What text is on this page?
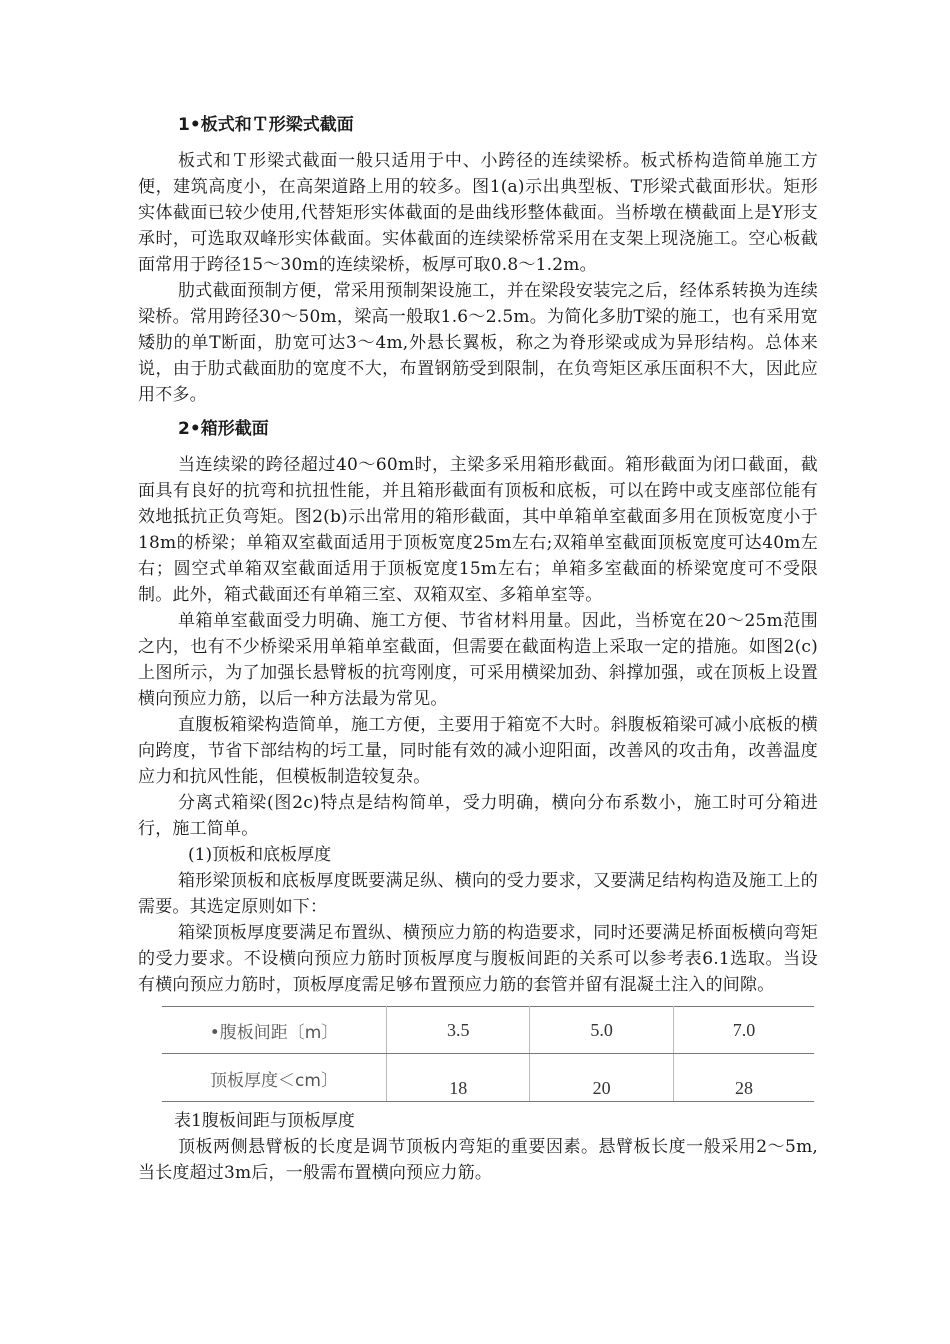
1•板式和Ｔ形梁式截面

板式和Ｔ形梁式截面一般只适用于中、小跨径的连续梁桥。板式桥构造简单施工方便，建筑高度小，在高架道路上用的较多。图1(a)示出典型板、T形梁式截面形状。矩形实体截面已较少使用,代替矩形实体截面的是曲线形整体截面。当桥墩在横截面上是Y形支承时，可选取双峰形实体截面。实体截面的连续梁桥常采用在支架上现浇施工。空心板截面常用于跨径15〜30m的连续梁桥，板厚可取0.8〜1.2m。

肋式截面预制方便，常采用预制架设施工，并在梁段安装完之后，经体系转换为连续梁桥。常用跨径30〜50m，梁高一般取1.6〜2.5m。为简化多肋T梁的施工，也有采用宽矮肋的单T断面，肋宽可达3〜4m,外悬长翼板，称之为脊形梁或成为异形结构。总体来说，由于肋式截面肋的宽度不大，布置钢筋受到限制，在负弯矩区承压面积不大，因此应用不多。

2•箱形截面

当连续梁的跨径超过40〜60m时，主梁多采用箱形截面。箱形截面为闭口截面，截面具有良好的抗弯和抗扭性能，并且箱形截面有顶板和底板，可以在跨中或支座部位能有效地抵抗正负弯矩。图2(b)示出常用的箱形截面，其中单箱单室截面多用在顶板宽度小于18m的桥梁；单箱双室截面适用于顶板宽度25m左右;双箱单室截面顶板宽度可达40m左右；圆空式单箱双室截面适用于顶板宽度15m左右；单箱多室截面的桥梁宽度可不受限制。此外，箱式截面还有单箱三室、双箱双室、多箱单室等。

单箱单室截面受力明确、施工方便、节省材料用量。因此，当桥宽在20〜25m范围之内，也有不少桥梁采用单箱单室截面，但需要在截面构造上采取一定的措施。如图2(c)上图所示，为了加强长悬臂板的抗弯刚度，可采用横梁加劲、斜撑加强，或在顶板上设置横向预应力筋，以后一种方法最为常见。

直腹板箱梁构造简单，施工方便，主要用于箱宽不大时。斜腹板箱梁可减小底板的横向跨度，节省下部结构的圬工量，同时能有效的减小迎阳面，改善风的攻击角，改善温度应力和抗风性能，但模板制造较复杂。

分离式箱梁(图2c)特点是结构简单，受力明确，横向分布系数小，施工时可分箱进行，施工简单。

(1)顶板和底板厚度

箱形梁顶板和底板厚度既要满足纵、横向的受力要求，又要满足结构构造及施工上的需要。其选定原则如下：

箱梁顶板厚度要满足布置纵、横预应力筋的构造要求，同时还要满足桥面板横向弯矩的受力要求。不设横向预应力筋时顶板厚度与腹板间距的关系可以参考表6.1选取。当设有横向预应力筋时，顶板厚度需足够布置预应力筋的套管并留有混凝土注入的间隙。

•腹板间距〔m〕	3.5	5.0	7.0
顶板厚度＜cm〕	18	20	28

表1腹板间距与顶板厚度

顶板两侧悬臂板的长度是调节顶板内弯矩的重要因素。悬臂板长度一般采用2〜5m,当长度超过3m后，一般需布置横向预应力筋。
